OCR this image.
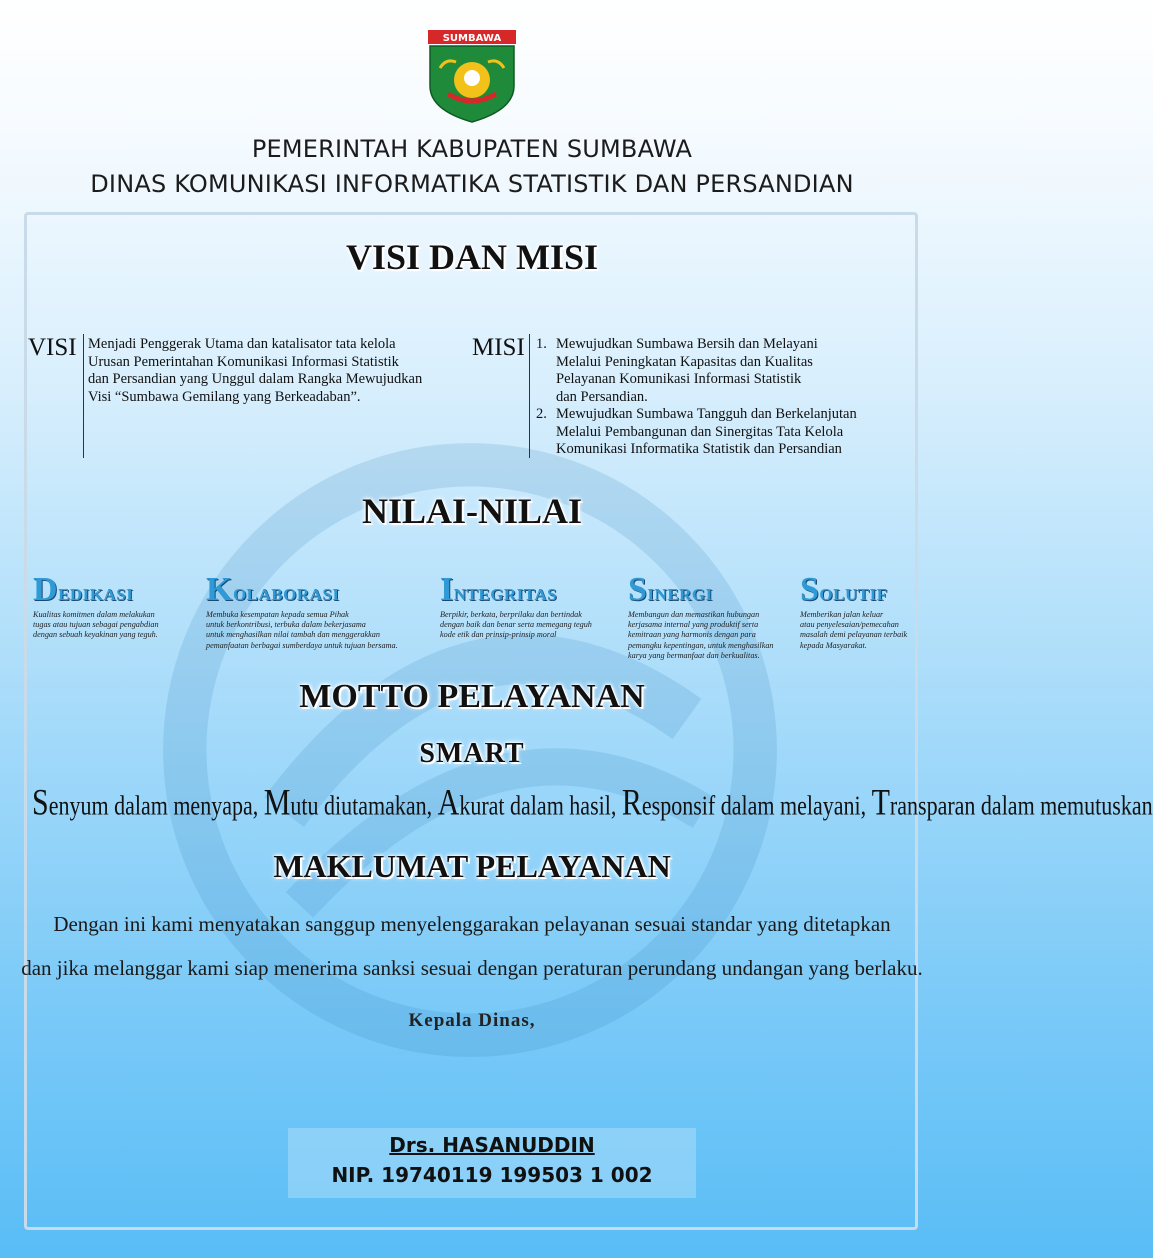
SUMBAWA
PEMERINTAH KABUPATEN SUMBAWA
DINAS KOMUNIKASI INFORMATIKA STATISTIK DAN PERSANDIAN
VISI DAN MISI
VISI Menjadi Penggerak Utama dan katalisator tata kelola
Urusan Pemerintahan Komunikasi Informasi Statistik
dan Persandian yang Unggul dalam Rangka Mewujudkan
Visi “Sumbawa Gemilang yang Berkeadaban”.
MISI 1. Mewujudkan Sumbawa Bersih dan Melayani
Melalui Peningkatan Kapasitas dan Kualitas
Pelayanan Komunikasi Informasi Statistik
dan Persandian.
2. Mewujudkan Sumbawa Tangguh dan Berkelanjutan
Melalui Pembangunan dan Sinergitas Tata Kelola
Komunikasi Informatika Statistik dan Persandian
NILAI-NILAI
DEDIKASI
Kualitas komitmen dalam melakukan
tugas atau tujuan sebagai pengabdian
dengan sebuah keyakinan yang teguh.
KOLABORASI
Membuka kesempatan kepada semua Pihak
untuk berkontribusi, terbuka dalam bekerjasama
untuk menghasilkan nilai tambah dan menggerakkan
pemanfaatan berbagai sumberdaya untuk tujuan bersama.
INTEGRITAS
Berpikir, berkata, berprilaku dan bertindak
dengan baik dan benar serta memegang teguh
kode etik dan prinsip-prinsip moral
SINERGI
Membangun dan memastikan hubungan
kerjasama internal yang produktif serta
kemitraan yang harmonis dengan para
pemangku kepentingan, untuk menghasilkan
karya yang bermanfaat dan berkualitas.
SOLUTIF
Memberikan jalan keluar
atau penyelesaian/pemecahan
masalah demi pelayanan terbaik
kepada Masyarakat.
MOTTO PELAYANAN
SMART
Senyum dalam menyapa, Mutu diutamakan, Akurat dalam hasil, Responsif dalam melayani, Transparan dalam memutuskan
MAKLUMAT PELAYANAN
Dengan ini kami menyatakan sanggup menyelenggarakan pelayanan sesuai standar yang ditetapkan
dan jika melanggar kami siap menerima sanksi sesuai dengan peraturan perundang undangan yang berlaku.
Kepala Dinas,
Drs. HASANUDDIN
NIP. 19740119 199503 1 002
